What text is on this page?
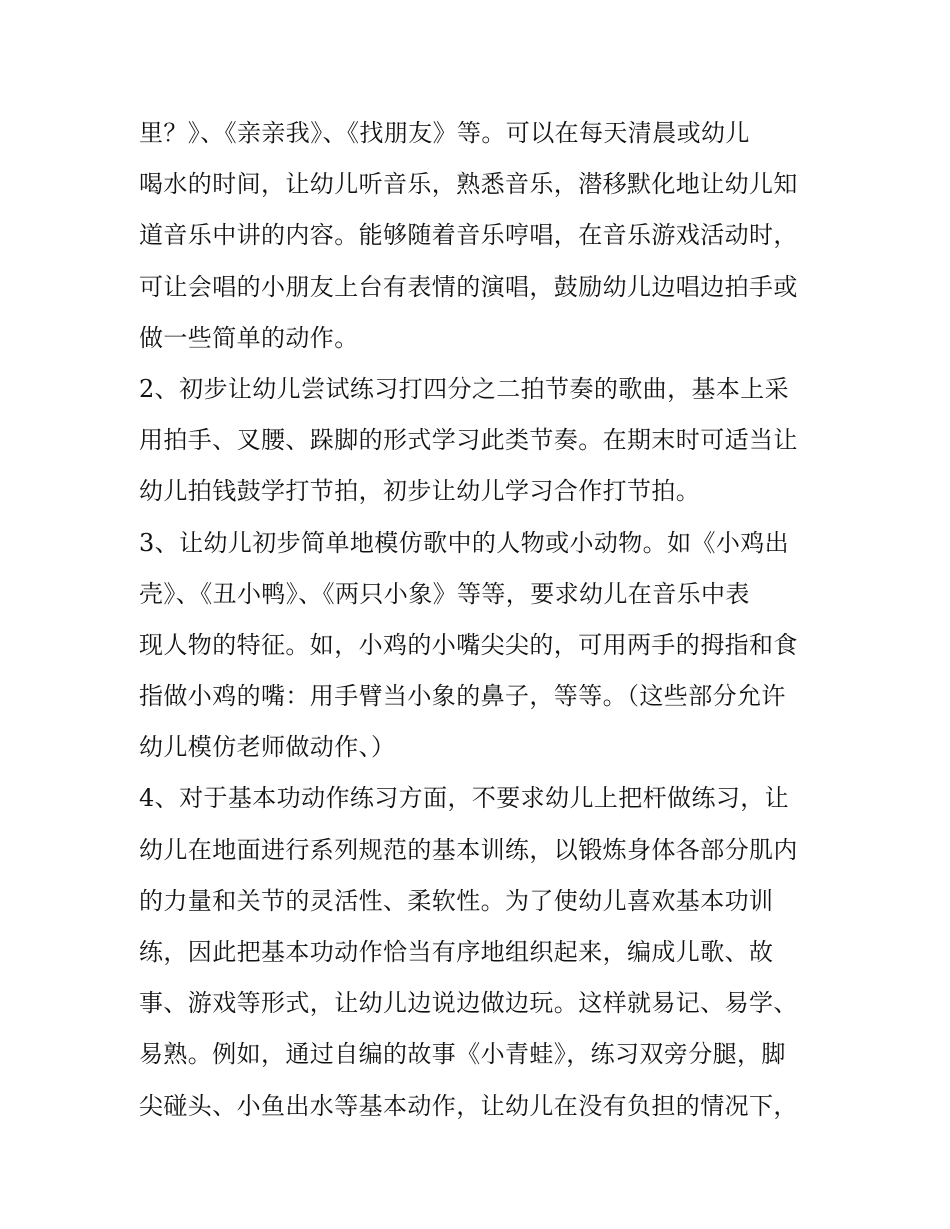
里？》、《亲亲我》、《找朋友》等。可以在每天清晨或幼儿
喝水的时间，让幼儿听音乐，熟悉音乐，潜移默化地让幼儿知
道音乐中讲的内容。能够随着音乐哼唱，在音乐游戏活动时，
可让会唱的小朋友上台有表情的演唱，鼓励幼儿边唱边拍手或
做一些简单的动作。
2、初步让幼儿尝试练习打四分之二拍节奏的歌曲，基本上采
用拍手、叉腰、跺脚的形式学习此类节奏。在期末时可适当让
幼儿拍钱鼓学打节拍，初步让幼儿学习合作打节拍。
3、让幼儿初步简单地模仿歌中的人物或小动物。如《小鸡出
壳》、《丑小鸭》、《两只小象》等等，要求幼儿在音乐中表
现人物的特征。如，小鸡的小嘴尖尖的，可用两手的拇指和食
指做小鸡的嘴：用手臂当小象的鼻子，等等。（这些部分允许
幼儿模仿老师做动作、）
4、对于基本功动作练习方面，不要求幼儿上把杆做练习，让
幼儿在地面进行系列规范的基本训练，以锻炼身体各部分肌内
的力量和关节的灵活性、柔软性。为了使幼儿喜欢基本功训
练，因此把基本功动作恰当有序地组织起来，编成儿歌、故
事、游戏等形式，让幼儿边说边做边玩。这样就易记、易学、
易熟。例如，通过自编的故事《小青蛙》，练习双旁分腿，脚
尖碰头、小鱼出水等基本动作，让幼儿在没有负担的情况下，
